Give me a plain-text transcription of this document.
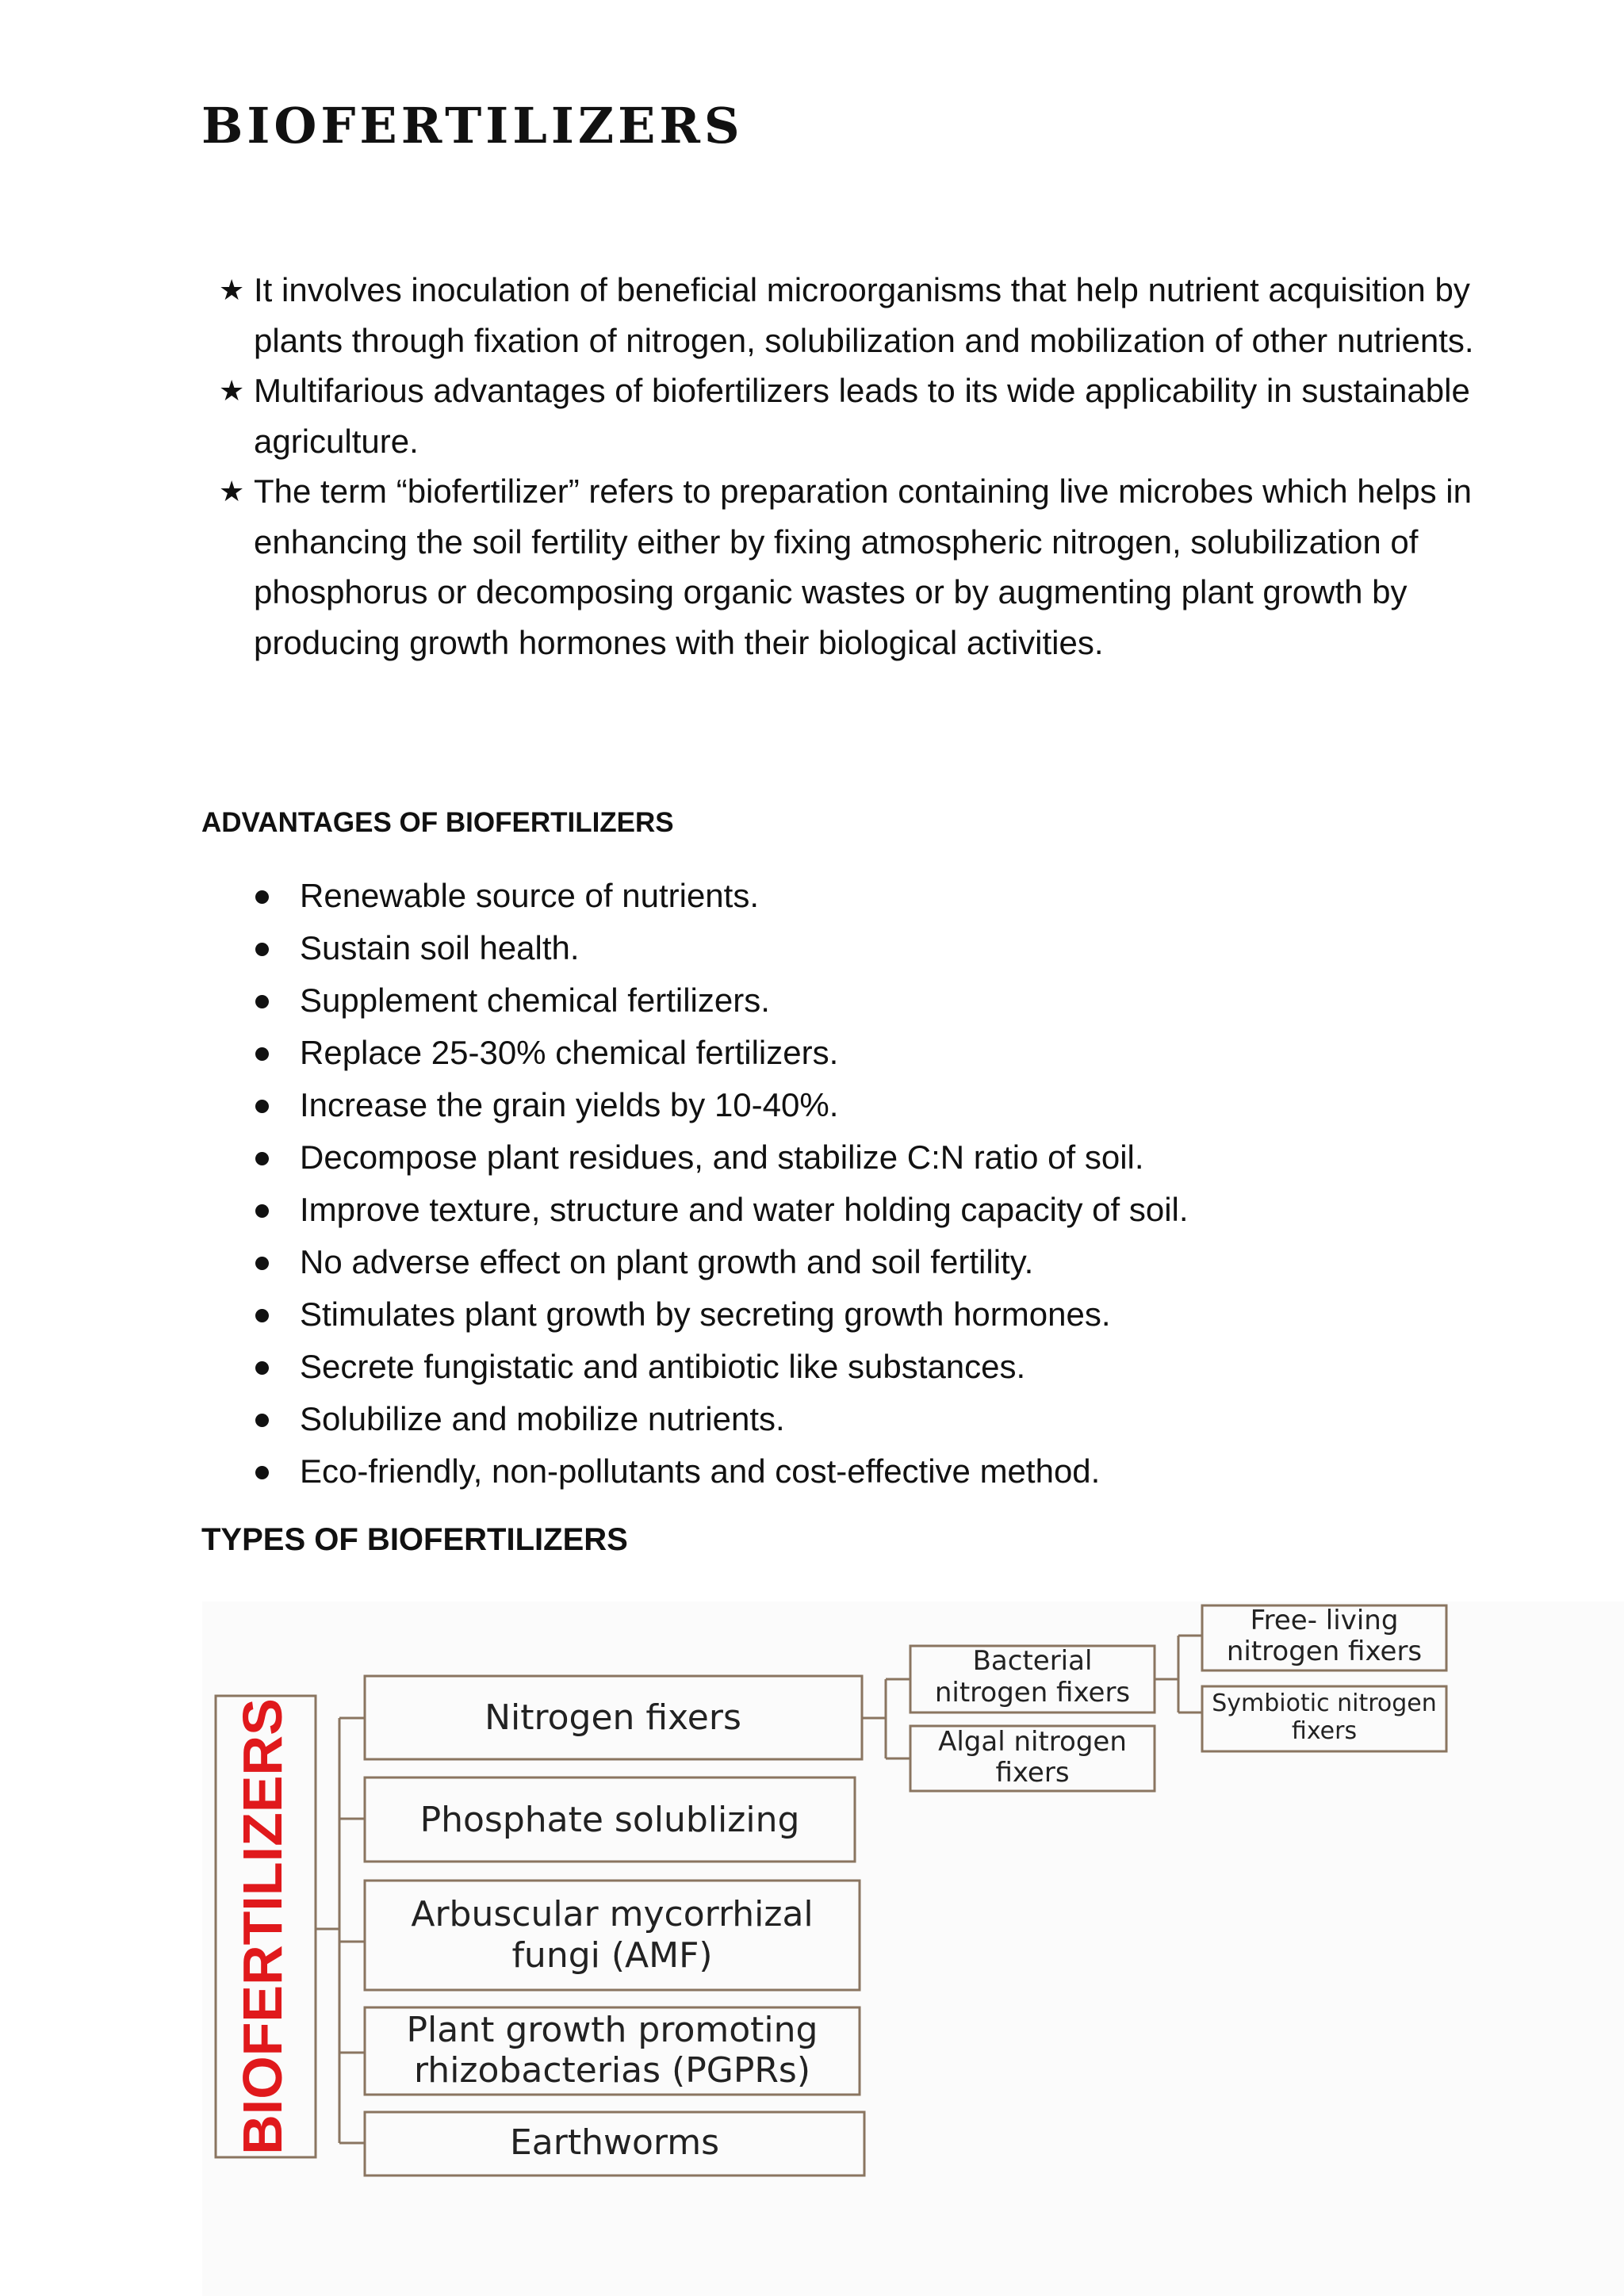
BIOFERTILIZERS
★ It involves inoculation of beneficial microorganisms that help nutrient acquisition by plants through fixation of nitrogen, solubilization and mobilization of other nutrients.
★ Multifarious advantages of biofertilizers leads to its wide applicability in sustainable agriculture.
★ The term “biofertilizer” refers to preparation containing live microbes which helps in enhancing the soil fertility either by fixing atmospheric nitrogen, solubilization of phosphorus or decomposing organic wastes or by augmenting plant growth by producing growth hormones with their biological activities.
ADVANTAGES OF BIOFERTILIZERS
Renewable source of nutrients.
Sustain soil health.
Supplement chemical fertilizers.
Replace 25-30% chemical fertilizers.
Increase the grain yields by 10-40%.
Decompose plant residues, and stabilize C:N ratio of soil.
Improve texture, structure and water holding capacity of soil.
No adverse effect on plant growth and soil fertility.
Stimulates plant growth by secreting growth hormones.
Secrete fungistatic and antibiotic like substances.
Solubilize and mobilize nutrients.
Eco-friendly, non-pollutants and cost-effective method.
TYPES OF BIOFERTILIZERS
BIOFERTILIZERS	Nitrogen fixers
Phosphate solublizing
Arbuscular mycorrhizal
fungi (AMF)
Plant growth promoting
rhizobacterias (PGPRs)
Earthworms
Bacterial
nitrogen fixers
Algal nitrogen
fixers
Free- living
nitrogen fixers
Symbiotic nitrogen
fixers
